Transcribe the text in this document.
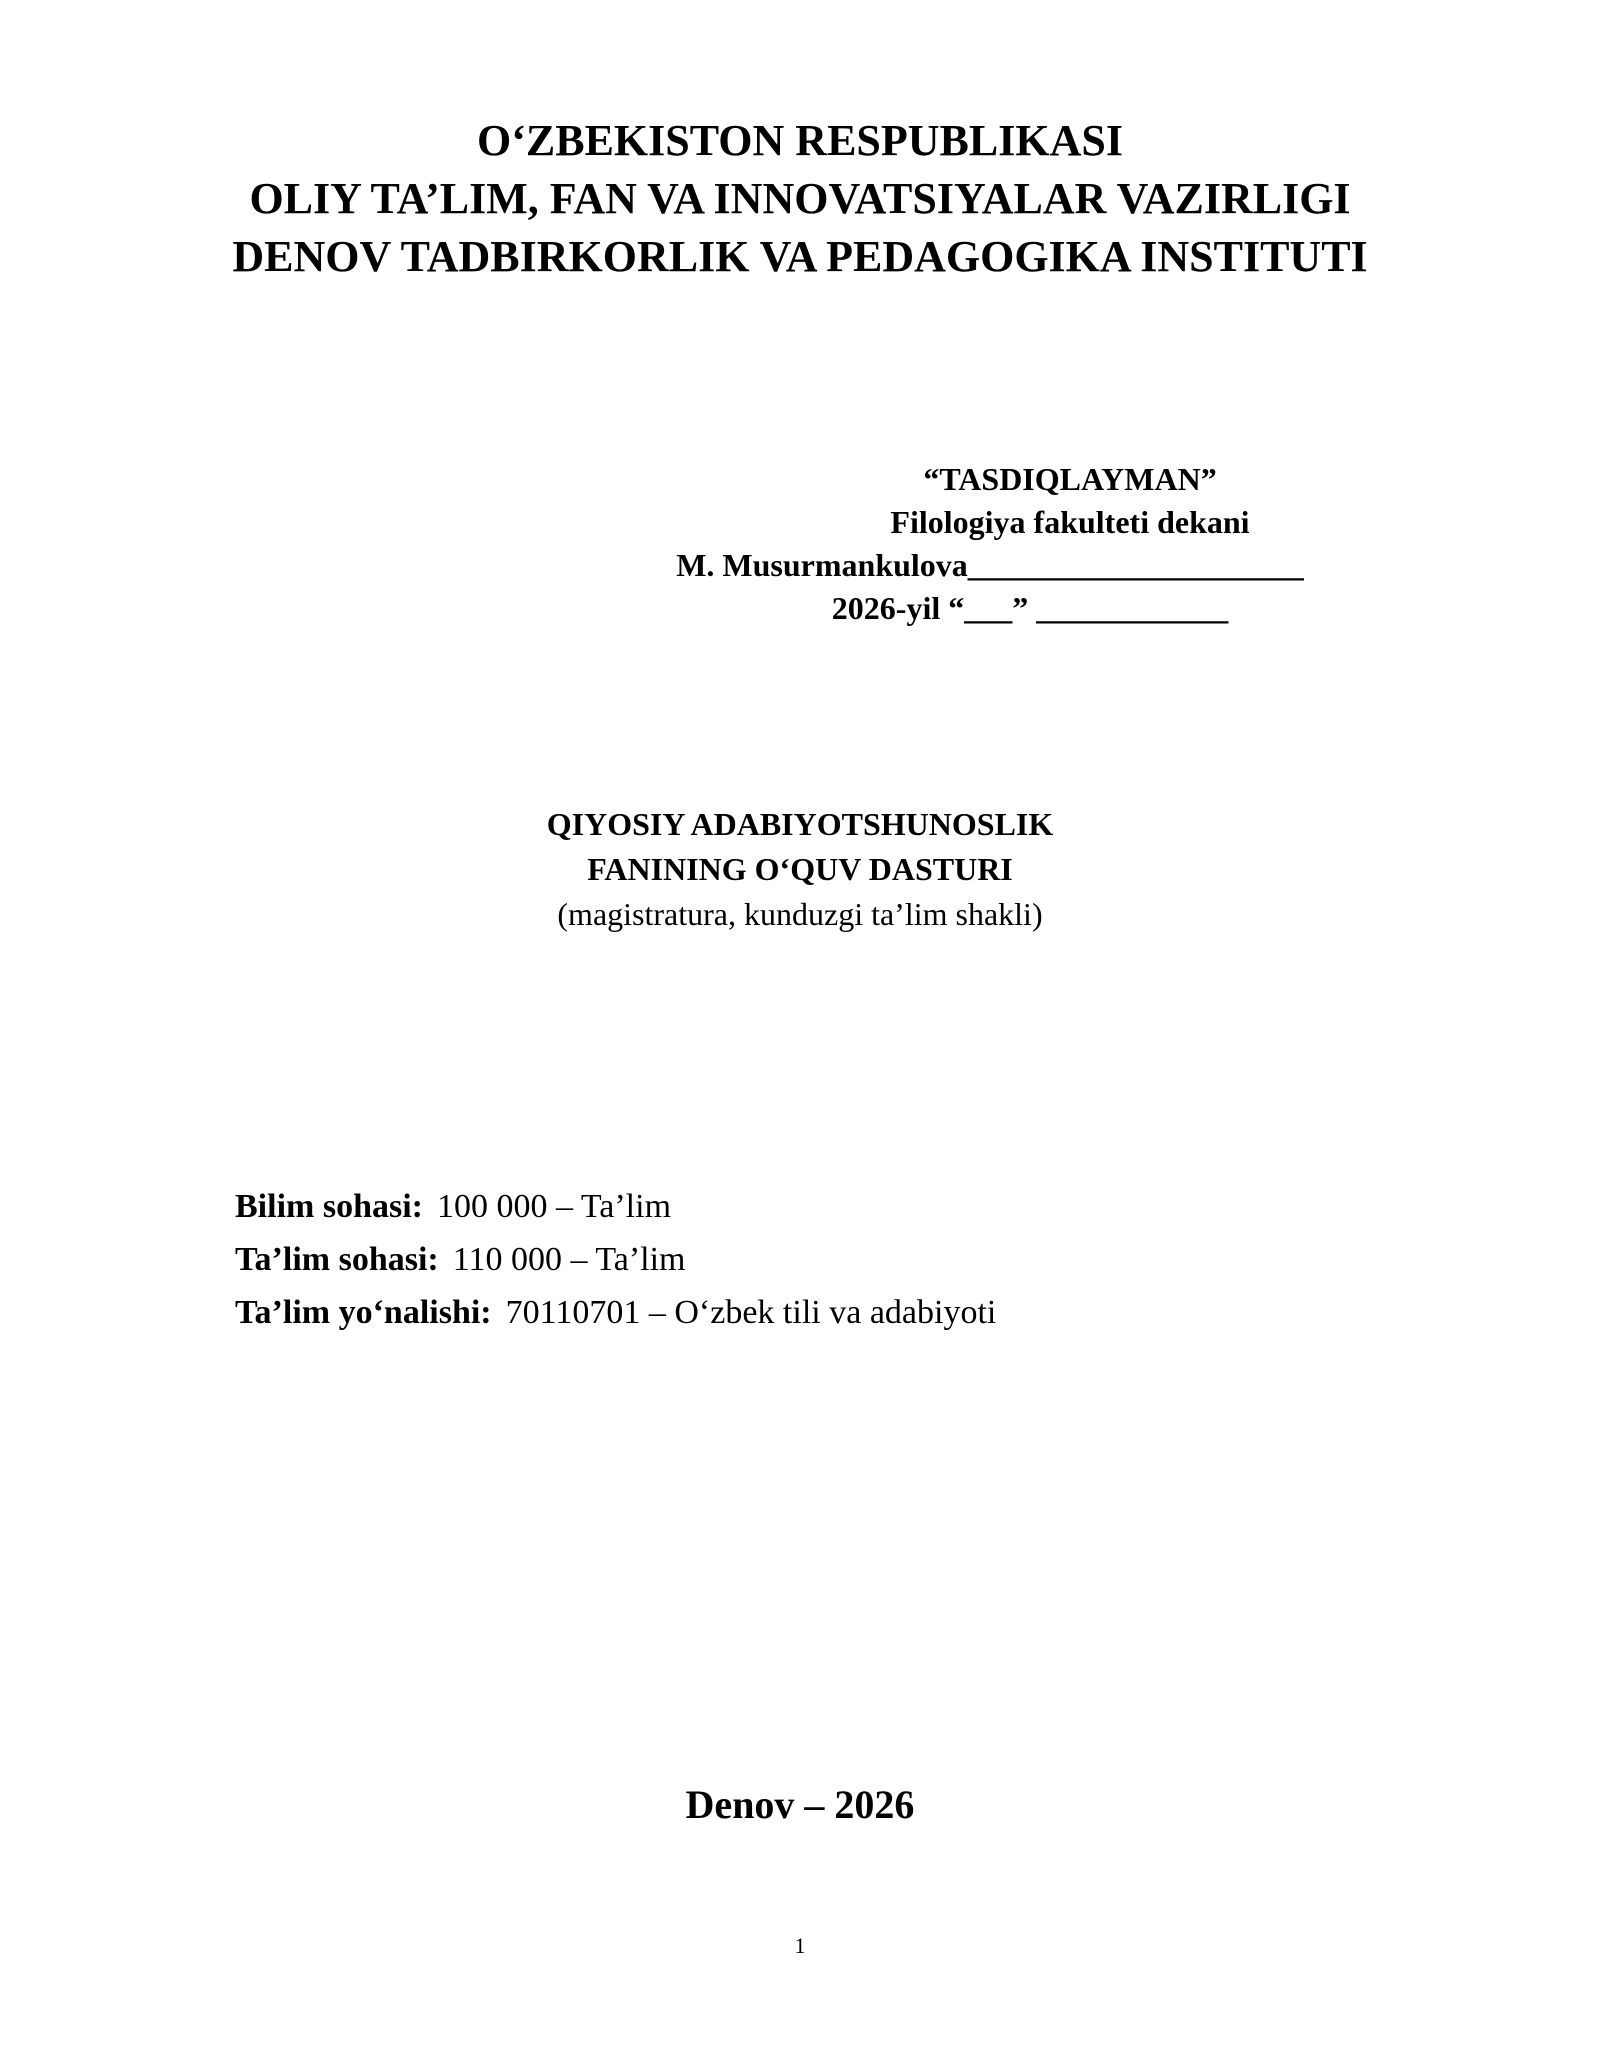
O‘ZBEKISTON RESPUBLIKASI
OLIY TA’LIM, FAN VA INNOVATSIYALAR VAZIRLIGI
DENOV TADBIRKORLIK VA PEDAGOGIKA INSTITUTI
“TASDIQLAYMAN”
Filologiya fakulteti dekani
M. Musurmankulova_____________________
2026-yil “___” ____________
QIYOSIY ADABIYOTSHUNOSLIK
FANINING O‘QUV DASTURI
(magistratura, kunduzgi ta’lim shakli)
Bilim sohasi: 100 000 – Ta’lim
Ta’lim sohasi: 110 000 – Ta’lim
Ta’lim yo‘nalishi: 70110701 – O‘zbek tili va adabiyoti
Denov – 2026
1
